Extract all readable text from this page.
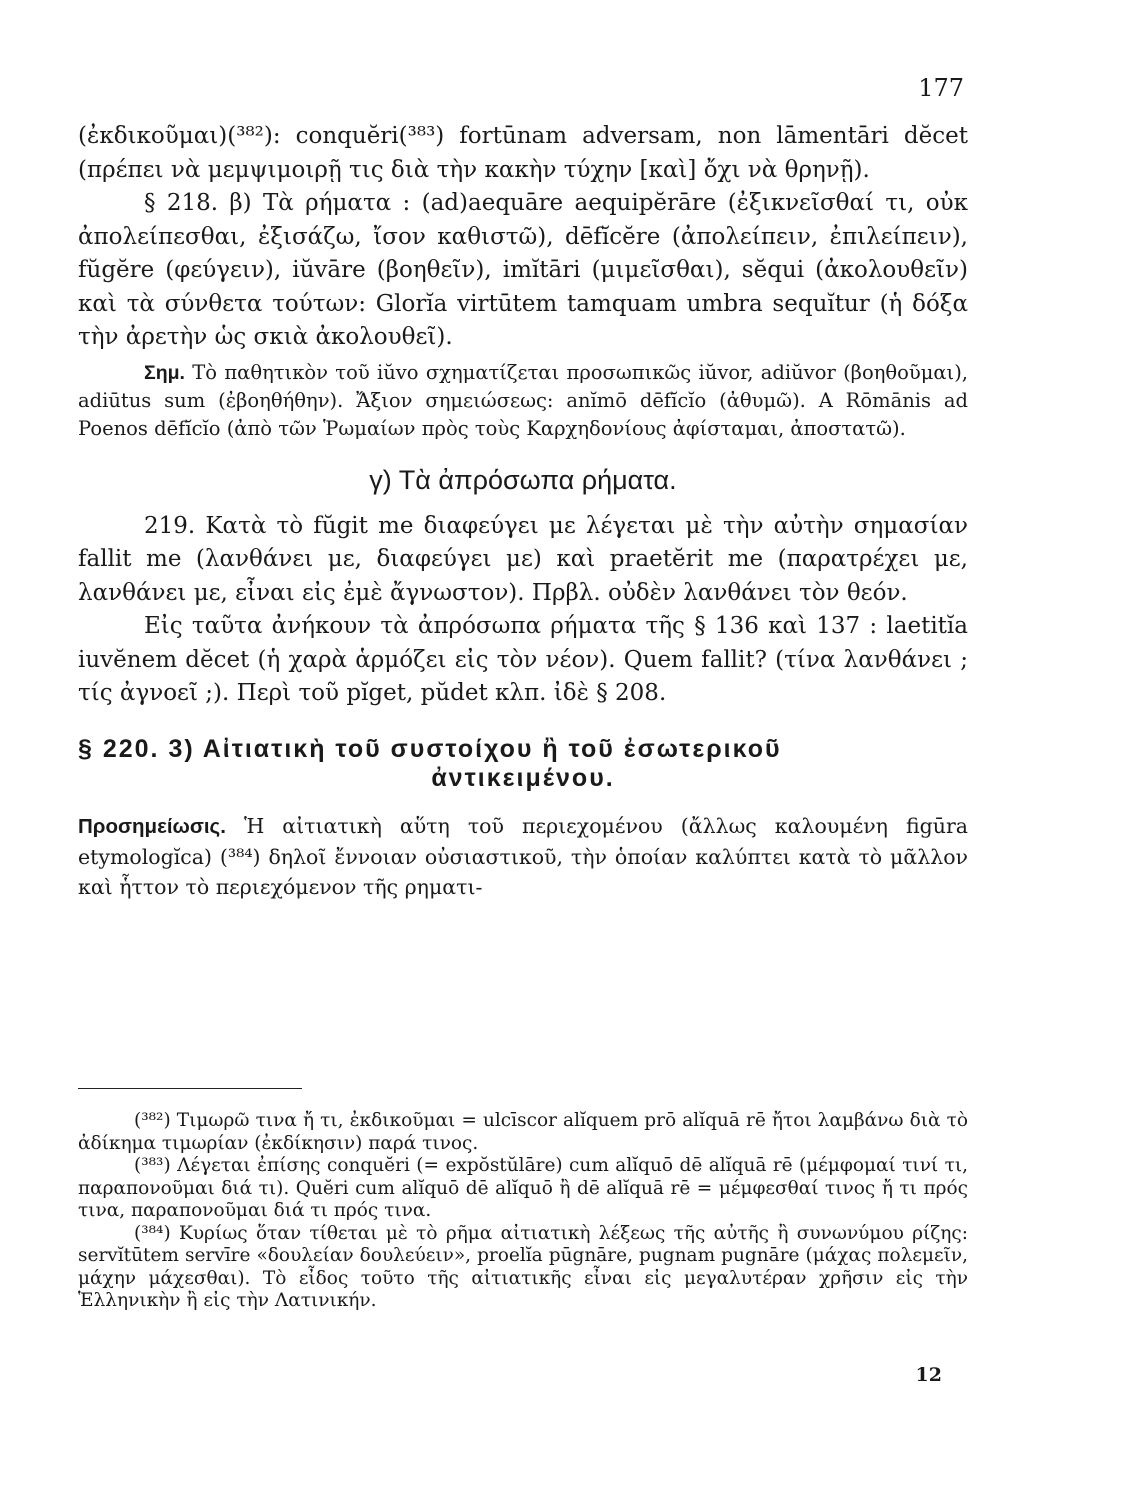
177

(ἐκδικοῦμαι)(³⁸²): conquĕri(³⁸³) fortūnam adversam, non lāmentāri dĕcet (πρέπει νὰ μεμψιμοιρῇ τις διὰ τὴν κακὴν τύχην [καὶ] ὄχι νὰ θρηνῇ).

§ 218. β) Τὰ ρήματα : (ad)aequāre aequipĕrāre (ἐξικνεῖσθαί τι, οὐκ ἀπολείπεσθαι, ἐξισάζω, ἴσον καθιστῶ), dēfĭcĕre (ἀπολείπειν, ἐπιλείπειν), fŭgĕre (φεύγειν), iŭvāre (βοηθεῖν), imĭtāri (μιμεῖσθαι), sĕqui (ἀκολουθεῖν) καὶ τὰ σύνθετα τούτων: Glorĭa virtūtem tamquam umbra sequĭtur (ἡ δόξα τὴν ἀρετὴν ὡς σκιὰ ἀκολουθεῖ).

Σημ. Τὸ παθητικὸν τοῦ iŭvo σχηματίζεται προσωπικῶς iŭvor, adiŭvor (βοηθοῦμαι), adiūtus sum (ἐβοηθήθην). Ἄξιον σημειώσεως: anĭmō dēfĭcĭo (ἀθυμῶ). A Rōmānis ad Poenos dēfĭcĭo (ἀπὸ τῶν Ῥωμαίων πρὸς τοὺς Καρχηδονίους ἀφίσταμαι, ἀποστατῶ).

γ) Τὰ ἀπρόσωπα ρήματα.

219. Κατὰ τὸ fŭgit me διαφεύγει με λέγεται μὲ τὴν αὐτὴν σημασίαν fallit me (λανθάνει με, διαφεύγει με) καὶ praetĕrit me (παρατρέχει με, λανθάνει με, εἶναι εἰς ἐμὲ ἄγνωστον). Πρβλ. οὐδὲν λανθάνει τὸν θεόν.

Εἰς ταῦτα ἀνήκουν τὰ ἀπρόσωπα ρήματα τῆς § 136 καὶ 137 : laetitĭa iuvĕnem dĕcet (ἡ χαρὰ ἁρμόζει εἰς τὸν νέον). Quem fallit? (τίνα λανθάνει ; τίς ἀγνοεῖ ;). Περὶ τοῦ pĭget, pŭdet κλπ. ἰδὲ § 208.

§ 220. 3) Αἰτιατικὴ τοῦ συστοίχου ἢ τοῦ ἐσωτερικοῦ
ἀντικειμένου.

Προσημείωσις. Ἡ αἰτιατικὴ αὕτη τοῦ περιεχομένου (ἄλλως καλουμένη figūra etymologĭca) (³⁸⁴) δηλοῖ ἔννοιαν οὐσιαστικοῦ, τὴν ὁποίαν καλύπτει κατὰ τὸ μᾶλλον καὶ ἧττον τὸ περιεχόμενον τῆς ρηματι-

(³⁸²) Τιμωρῶ τινα ἤ τι, ἐκδικοῦμαι = ulcīscor alĭquem prō alĭquā rē ἤτοι λαμβάνω διὰ τὸ ἀδίκημα τιμωρίαν (ἐκδίκησιν) παρά τινος.

(³⁸³) Λέγεται ἐπίσης conquĕri (= expŏstŭlāre) cum alĭquō dē alĭquā rē (μέμφομαί τινί τι, παραπονοῦμαι διά τι). Quĕri cum alĭquō dē alĭquō ἢ dē alĭquā rē = μέμφεσθαί τινος ἤ τι πρός τινα, παραπονοῦμαι διά τι πρός τινα.

(³⁸⁴) Κυρίως ὅταν τίθεται μὲ τὸ ρῆμα αἰτιατικὴ λέξεως τῆς αὐτῆς ἢ συνωνύμου ρίζης: servĭtūtem servīre «δουλείαν δουλεύειν», proelĭa pūgnāre, pugnam pugnāre (μάχας πολεμεῖν, μάχην μάχεσθαι). Τὸ εἶδος τοῦτο τῆς αἰτιατικῆς εἶναι εἰς μεγαλυτέραν χρῆσιν εἰς τὴν Ἑλληνικὴν ἢ εἰς τὴν Λατινικήν.

12
